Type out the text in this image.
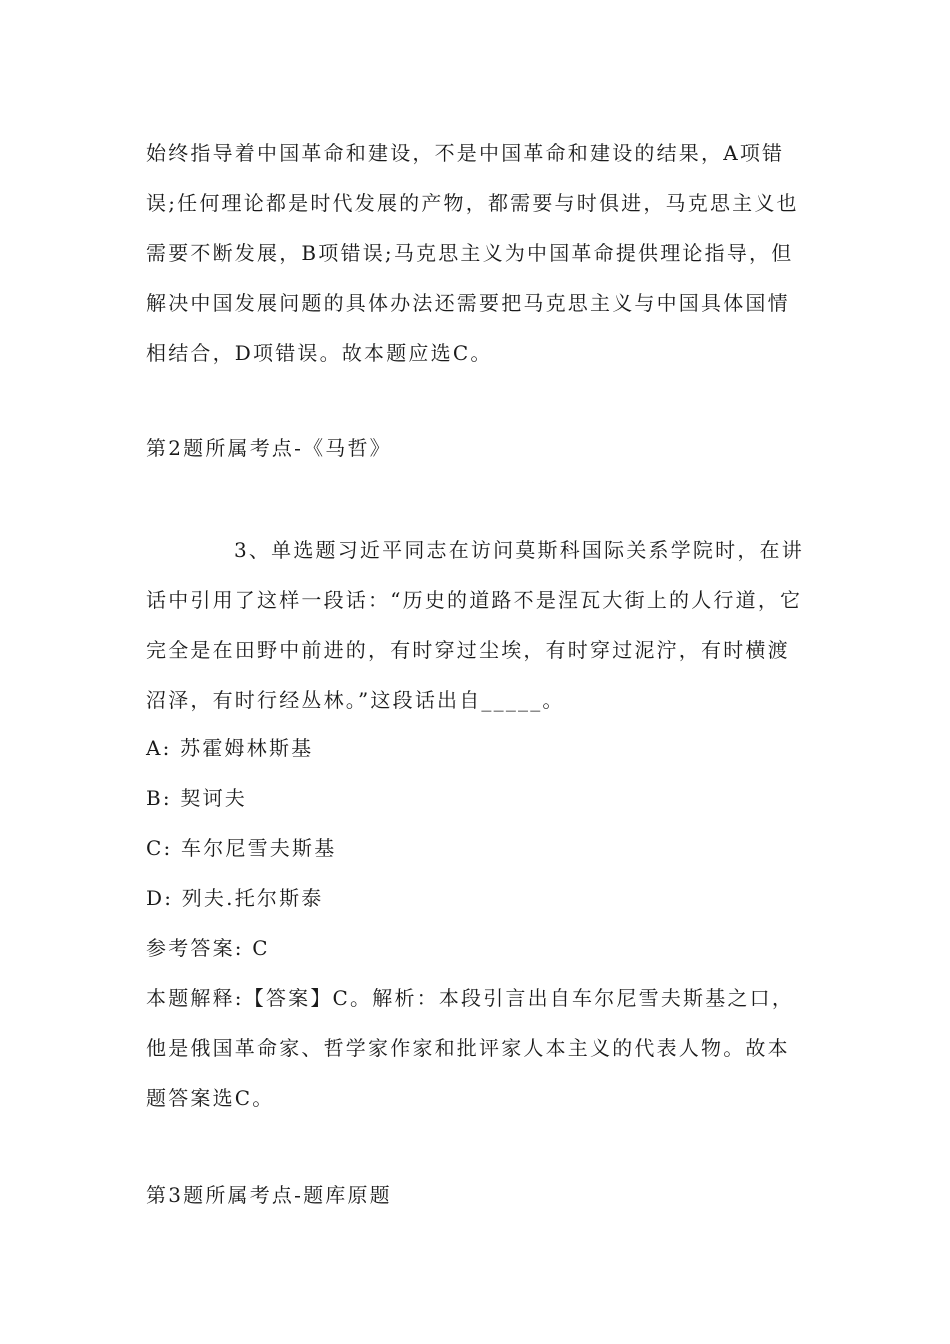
始终指导着中国革命和建设，不是中国革命和建设的结果，A项错误;任何理论都是时代发展的产物，都需要与时俱进，马克思主义也需要不断发展，B项错误;马克思主义为中国革命提供理论指导，但解决中国发展问题的具体办法还需要把马克思主义与中国具体国情相结合，D项错误。故本题应选C。
第2题所属考点-《马哲》
3、单选题习近平同志在访问莫斯科国际关系学院时，在讲话中引用了这样一段话：“历史的道路不是涅瓦大街上的人行道，它完全是在田野中前进的，有时穿过尘埃，有时穿过泥泞，有时横渡沼泽，有时行经丛林。”这段话出自_____。
A: 苏霍姆林斯基
B: 契诃夫
C: 车尔尼雪夫斯基
D: 列夫.托尔斯泰
参考答案: C
本题解释:【答案】C。解析：本段引言出自车尔尼雪夫斯基之口，他是俄国革命家、哲学家作家和批评家人本主义的代表人物。故本题答案选C。
第3题所属考点-题库原题
